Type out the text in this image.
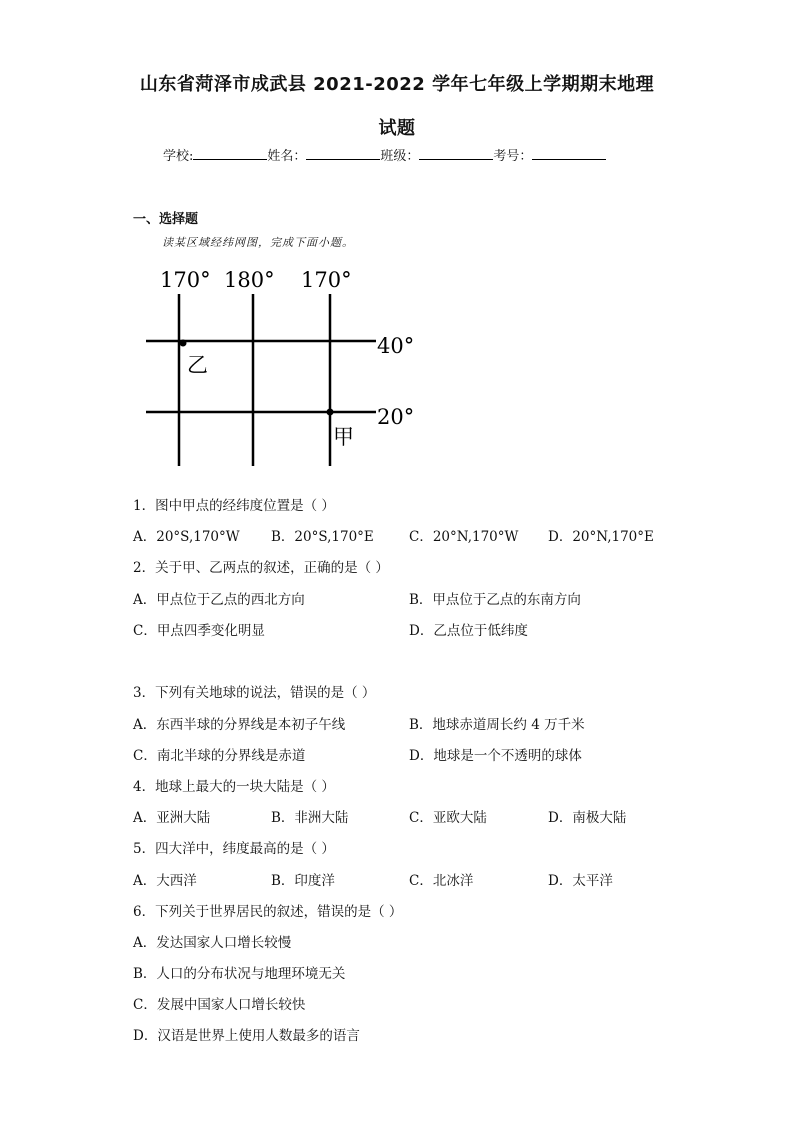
山东省菏泽市成武县 2021-2022 学年七年级上学期期末地理
试题
学校:	姓名：	班级：	考号：
一、选择题
读某区域经纬网图，完成下面小题。
170° 180° 170°
40°
20°
乙
甲
1．图中甲点的经纬度位置是（ ）
A．20°S,170°W B．20°S,170°E	C．20°N,170°W D．20°N,170°E
2．关于甲、乙两点的叙述，正确的是（ ）
A．甲点位于乙点的西北方向	B．甲点位于乙点的东南方向
C．甲点四季变化明显	D．乙点位于低纬度
3．下列有关地球的说法，错误的是（ ）
A．东西半球的分界线是本初子午线	B．地球赤道周长约 4 万千米
C．南北半球的分界线是赤道	D．地球是一个不透明的球体
4．地球上最大的一块大陆是（ ）
A．亚洲大陆	B．非洲大陆	C．亚欧大陆	D．南极大陆
5．四大洋中，纬度最高的是（ ）
A．大西洋	B．印度洋	C．北冰洋	D．太平洋
6．下列关于世界居民的叙述，错误的是（ ）
A．发达国家人口增长较慢
B．人口的分布状况与地理环境无关
C．发展中国家人口增长较快
D．汉语是世界上使用人数最多的语言
